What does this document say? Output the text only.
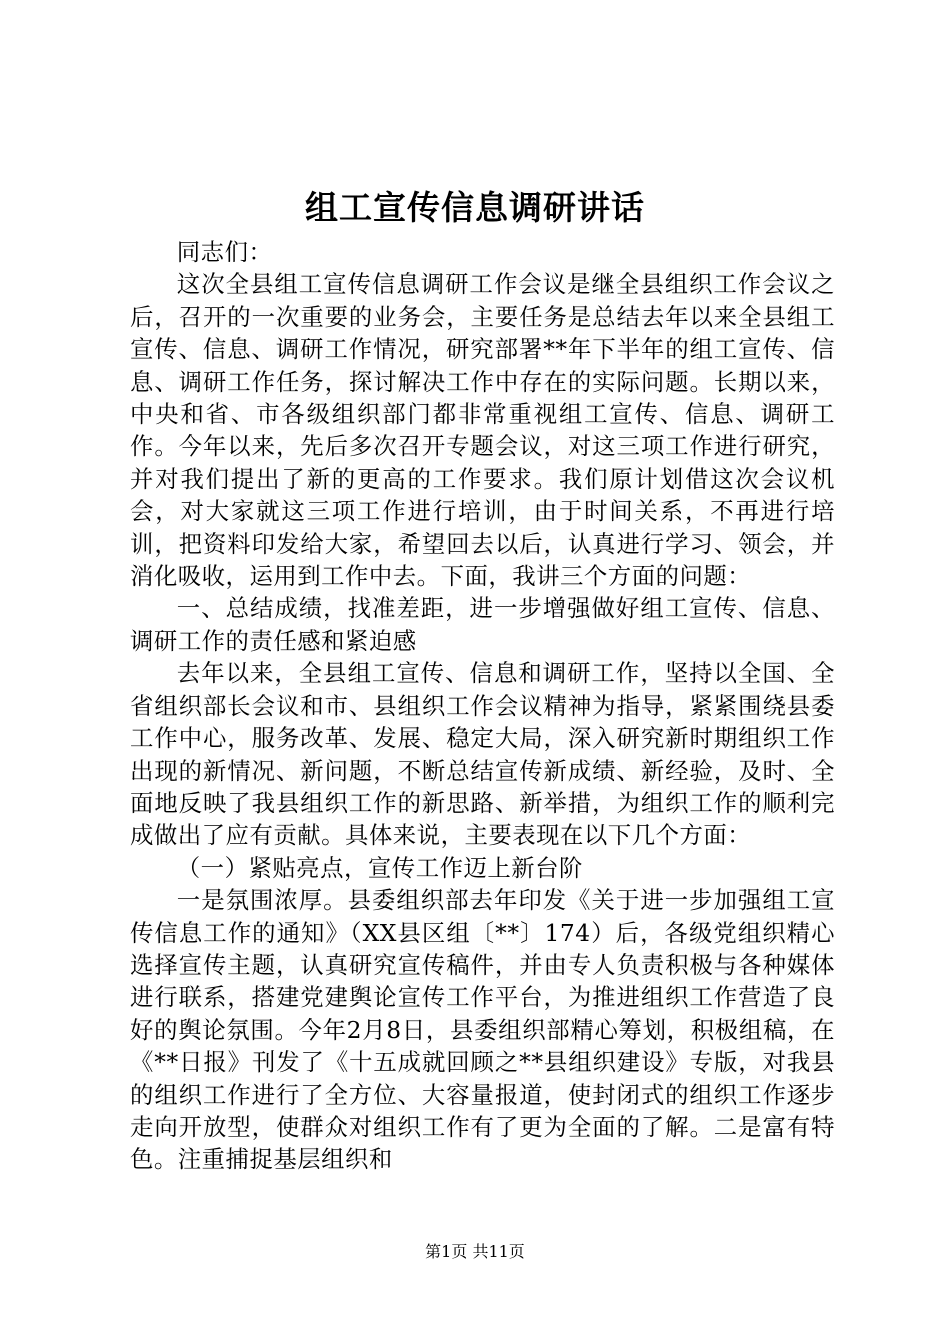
组工宣传信息调研讲话

同志们：

这次全县组工宣传信息调研工作会议是继全县组织工作会议之后，召开的一次重要的业务会，主要任务是总结去年以来全县组工宣传、信息、调研工作情况，研究部署**年下半年的组工宣传、信息、调研工作任务，探讨解决工作中存在的实际问题。长期以来，中央和省、市各级组织部门都非常重视组工宣传、信息、调研工作。今年以来，先后多次召开专题会议，对这三项工作进行研究，并对我们提出了新的更高的工作要求。我们原计划借这次会议机会，对大家就这三项工作进行培训，由于时间关系，不再进行培训，把资料印发给大家，希望回去以后，认真进行学习、领会，并消化吸收，运用到工作中去。下面，我讲三个方面的问题：

一、总结成绩，找准差距，进一步增强做好组工宣传、信息、调研工作的责任感和紧迫感

去年以来，全县组工宣传、信息和调研工作，坚持以全国、全省组织部长会议和市、县组织工作会议精神为指导，紧紧围绕县委工作中心，服务改革、发展、稳定大局，深入研究新时期组织工作出现的新情况、新问题，不断总结宣传新成绩、新经验，及时、全面地反映了我县组织工作的新思路、新举措，为组织工作的顺利完成做出了应有贡献。具体来说，主要表现在以下几个方面：

（一）紧贴亮点，宣传工作迈上新台阶

一是氛围浓厚。县委组织部去年印发《关于进一步加强组工宣传信息工作的通知》（XX县区组〔**〕174）后，各级党组织精心选择宣传主题，认真研究宣传稿件，并由专人负责积极与各种媒体进行联系，搭建党建舆论宣传工作平台，为推进组织工作营造了良好的舆论氛围。今年2月8日，县委组织部精心筹划，积极组稿，在《**日报》刊发了《十五成就回顾之**县组织建设》专版，对我县的组织工作进行了全方位、大容量报道，使封闭式的组织工作逐步走向开放型，使群众对组织工作有了更为全面的了解。二是富有特色。注重捕捉基层组织和

第1页 共11页
